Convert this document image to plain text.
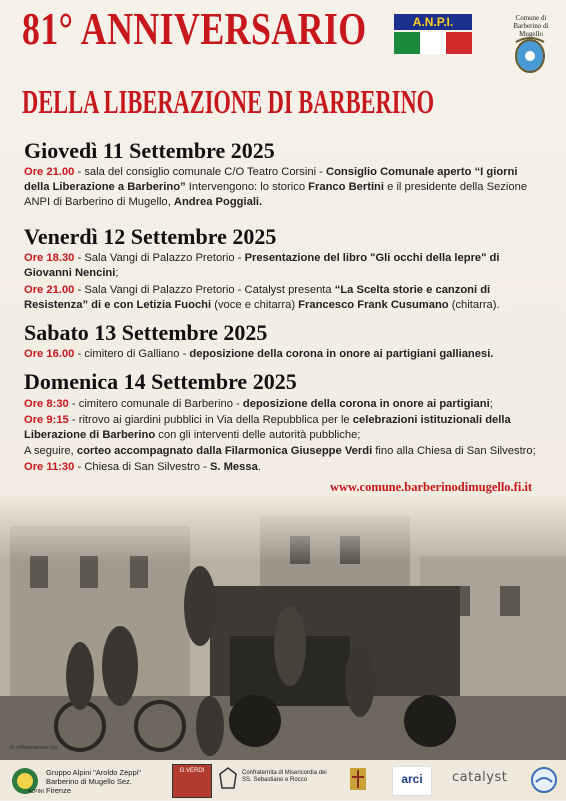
81° ANNIVERSARIO
DELLA LIBERAZIONE DI BARBERINO
A.N.P.I.	Comune di Barberino di Mugello
Giovedì 11 Settembre 2025
Ore 21.00 - sala del consiglio comunale C/O Teatro Corsini - Consiglio Comunale aperto “I giorni della Liberazione a Barberino” Intervengono: lo storico Franco Bertini e il presidente della Sezione ANPI di Barberino di Mugello, Andrea Poggiali.
Venerdì 12 Settembre 2025
Ore 18.30 - Sala Vangi di Palazzo Pretorio - Presentazione del libro "Gli occhi della lepre" di Giovanni Nencini;
Ore 21.00 - Sala Vangi di Palazzo Pretorio - Catalyst presenta “La Scelta storie e canzoni di Resistenza” di e con Letizia Fuochi (voce e chitarra) Francesco Frank Cusumano (chitarra).
Sabato 13 Settembre 2025
Ore 16.00 - cimitero di Galliano - deposizione della corona in onore ai partigiani gallianesi.
Domenica 14 Settembre 2025
Ore 8:30 - cimitero comunale di Barberino - deposizione della corona in onore ai partigiani;
Ore 9:15 - ritrovo ai giardini pubblici in Via della Repubblica per le celebrazioni istituzionali della Liberazione di Barberino con gli interventi delle autorità pubbliche;
A seguire, corteo accompagnato dalla Filarmonica Giuseppe Verdi fino alla Chiesa di San Silvestro;
Ore 11:30 - Chiesa di San Silvestro - S. Messa.
www.comune.barberinodimugello.fi.it
In collaborazione con:
ALPINI
Gruppo Alpini "Aroldo Zeppi" Barberino di Mugello Sez. Firenze
G.VERDI	Confraternita di Misericordia dei SS. Sebastiano e Rocco	arci	catalyst
